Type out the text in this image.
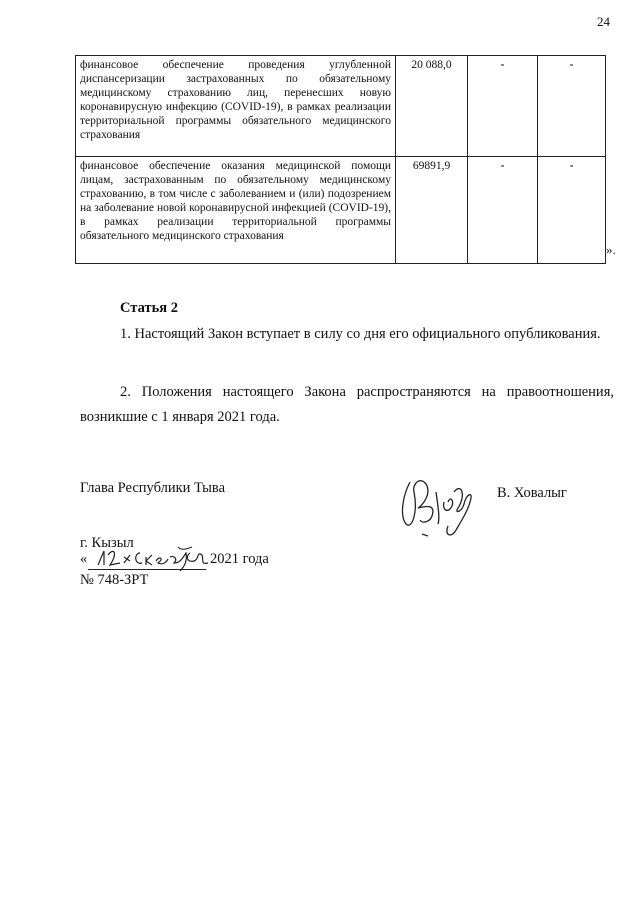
24
финансовое обеспечение проведения углубленной диспансеризации застрахованных по обязательному медицинскому страхованию лиц, перенесших новую коронавирусную инфекцию (COVID-19), в рамках реализации территориальной программы обязательного медицинского страхования	20 088,0	-	-
финансовое обеспечение оказания медицинской помощи лицам, застрахованным по обязательному медицинскому страхованию, в том числе с заболеванием и (или) подозрением на заболевание новой коронавирусной инфекцией (COVID-19), в рамках реализации территориальной программы обязательного медицинского страхования	69891,9	-	-
».
Статья 2
1. Настоящий Закон вступает в силу со дня его официального опубликования.
2. Положения настоящего Закона распространяются на правоотношения, возникшие с 1 января 2021 года.
Глава Республики Тыва	В. Ховалыг
г. Кызыл
«	2021 года
№ 748-ЗРТ
